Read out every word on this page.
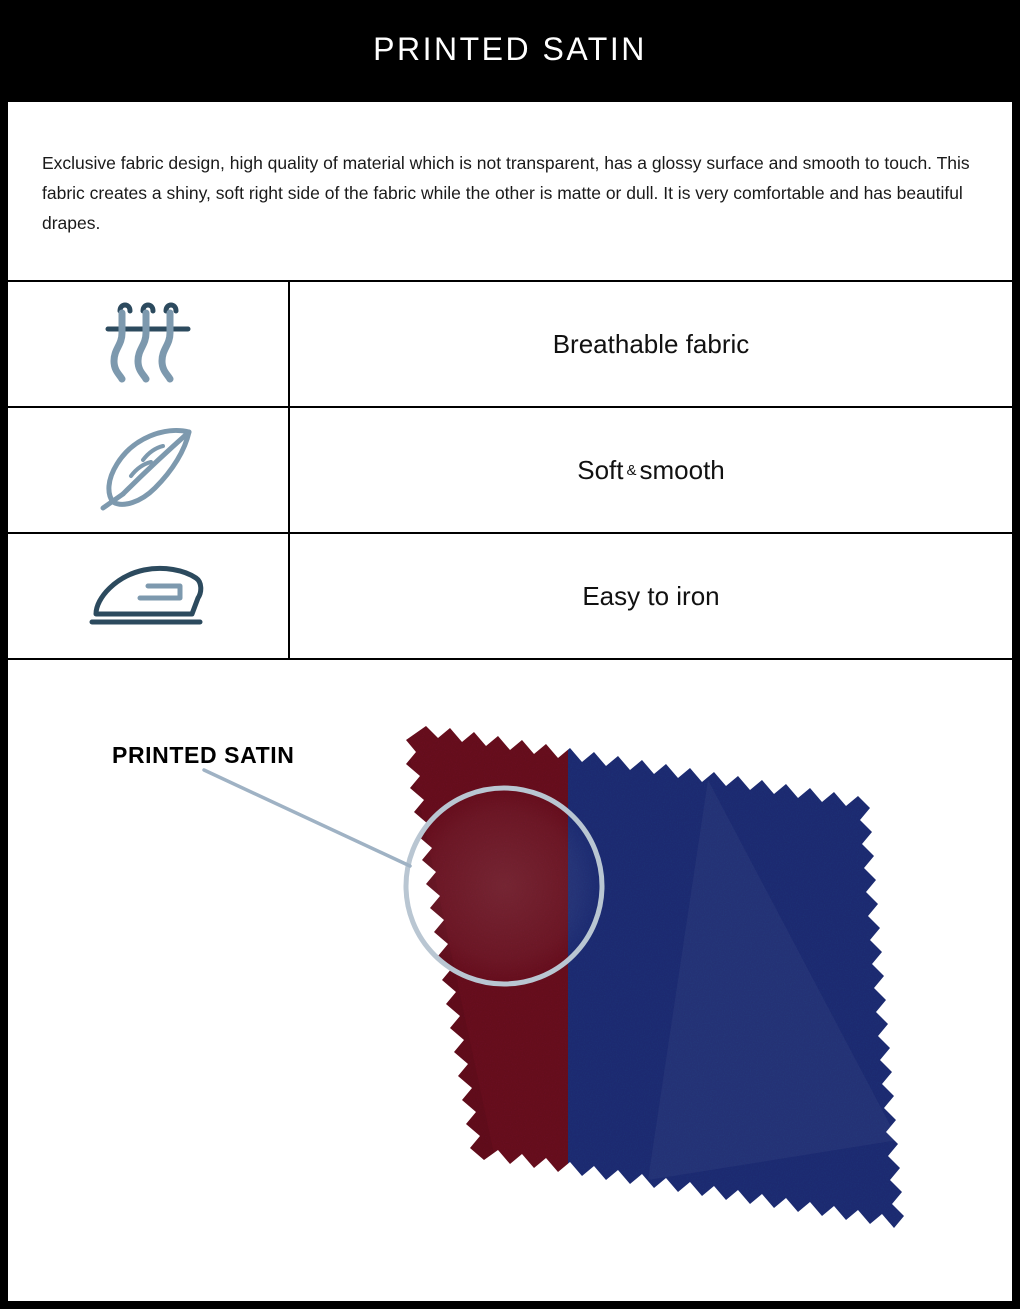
PRINTED SATIN

Exclusive fabric design, high quality of material which is not transparent, has a glossy surface and smooth to touch. This fabric creates a shiny, soft right side of the fabric while the other is matte or dull. It is very comfortable and has beautiful drapes.

Breathable fabric
Soft & smooth
Easy to iron
PRINTED SATIN
